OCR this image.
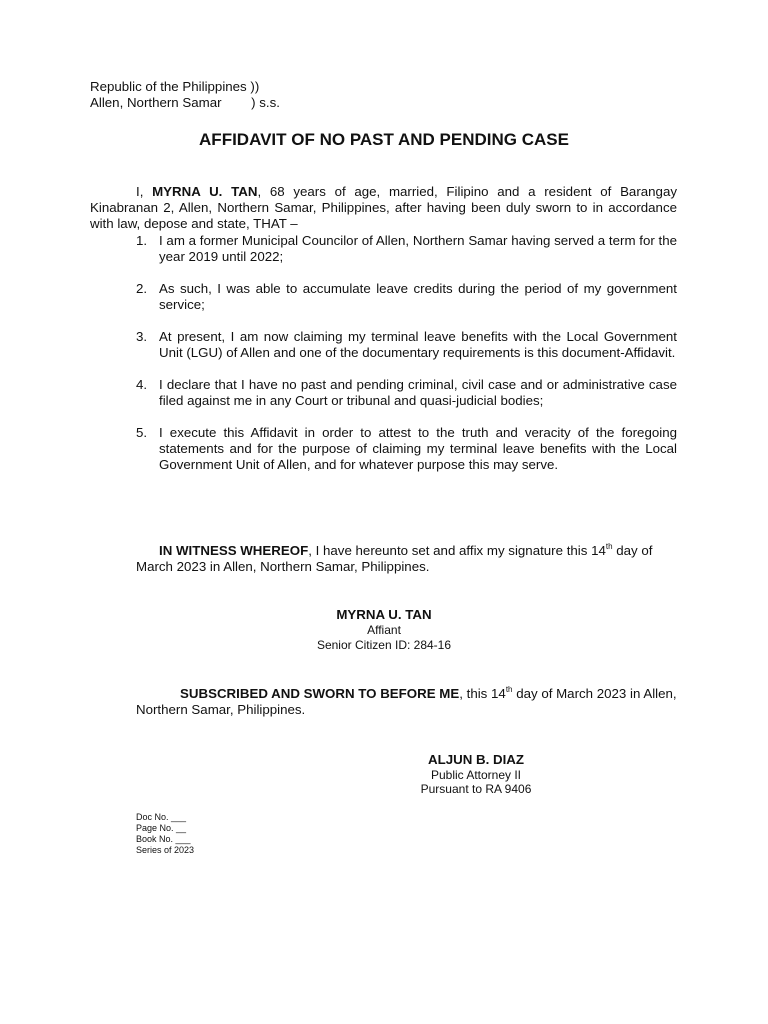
Republic of the Philippines ))
Allen, Northern Samar        ) s.s.
AFFIDAVIT OF NO PAST AND PENDING CASE
I, MYRNA U. TAN, 68 years of age, married, Filipino and a resident of Barangay Kinabranan 2, Allen, Northern Samar, Philippines, after having been duly sworn to in accordance with law, depose and state, THAT –
1. I am a former Municipal Councilor of Allen, Northern Samar having served a term for the year 2019 until 2022;
2. As such, I was able to accumulate leave credits during the period of my government service;
3. At present, I am now claiming my terminal leave benefits with the Local Government Unit (LGU) of Allen and one of the documentary requirements is this document-Affidavit.
4. I declare that I have no past and pending criminal, civil case and or administrative case filed against me in any Court or tribunal and quasi-judicial bodies;
5. I execute this Affidavit in order to attest to the truth and veracity of the foregoing statements and for the purpose of claiming my terminal leave benefits with the Local Government Unit of Allen, and for whatever purpose this may serve.
IN WITNESS WHEREOF, I have hereunto set and affix my signature this 14th day of March 2023 in Allen, Northern Samar, Philippines.
MYRNA U. TAN
Affiant
Senior Citizen ID: 284-16
SUBSCRIBED AND SWORN TO BEFORE ME, this 14th day of March 2023 in Allen, Northern Samar, Philippines.
ALJUN B. DIAZ
Public Attorney II
Pursuant to RA 9406
Doc No. ___
Page No. __
Book No. ___
Series of 2023
